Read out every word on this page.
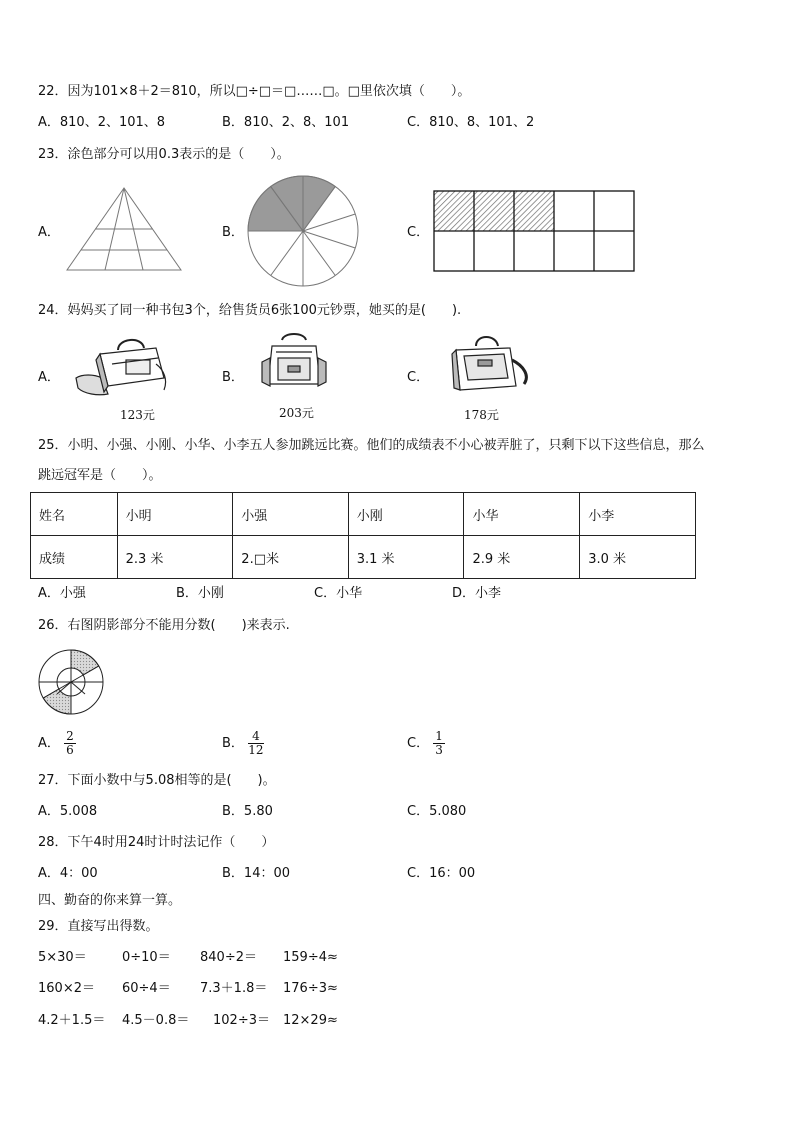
22．因为101×8＋2＝810，所以□÷□＝□……□。□里依次填（　　）。
A．810、2、101、8	B．810、2、8、101	C．810、8、101、2
23．涂色部分可以用0.3表示的是（　　）。
A．	B．	C．
24．妈妈买了同一种书包3个，给售货员6张100元钞票，她买的是(　　).
A．	B．	C．
123元	203元	178元
25．小明、小强、小刚、小华、小李五人参加跳远比赛。他们的成绩表不小心被弄脏了，只剩下以下这些信息，那么
跳远冠军是（　　）。
姓名	小明	小强	小刚	小华	小李
成绩	2.3 米	2.□米	3.1 米	2.9 米	3.0 米
A．小强	B．小刚	C．小华	D．小李
26．右图阴影部分不能用分数(　　)来表示.
A． $\frac{2}{6}$	B． $\frac{4}{12}$	C． $\frac{1}{3}$
27．下面小数中与5.08相等的是(　　)。
A．5.008	B．5.80	C．5.080
28．下午4时用24时计时法记作（　　）
A．4：00	B．14：00	C．16：00
四、勤奋的你来算一算。
29．直接写出得数。
5×30＝	0÷10＝ 840÷2＝ 159÷4≈
160×2＝ 60÷4＝ 7.3＋1.8＝ 176÷3≈
4.2＋1.5＝ 4.5－0.8＝ 102÷3＝ 12×29≈
